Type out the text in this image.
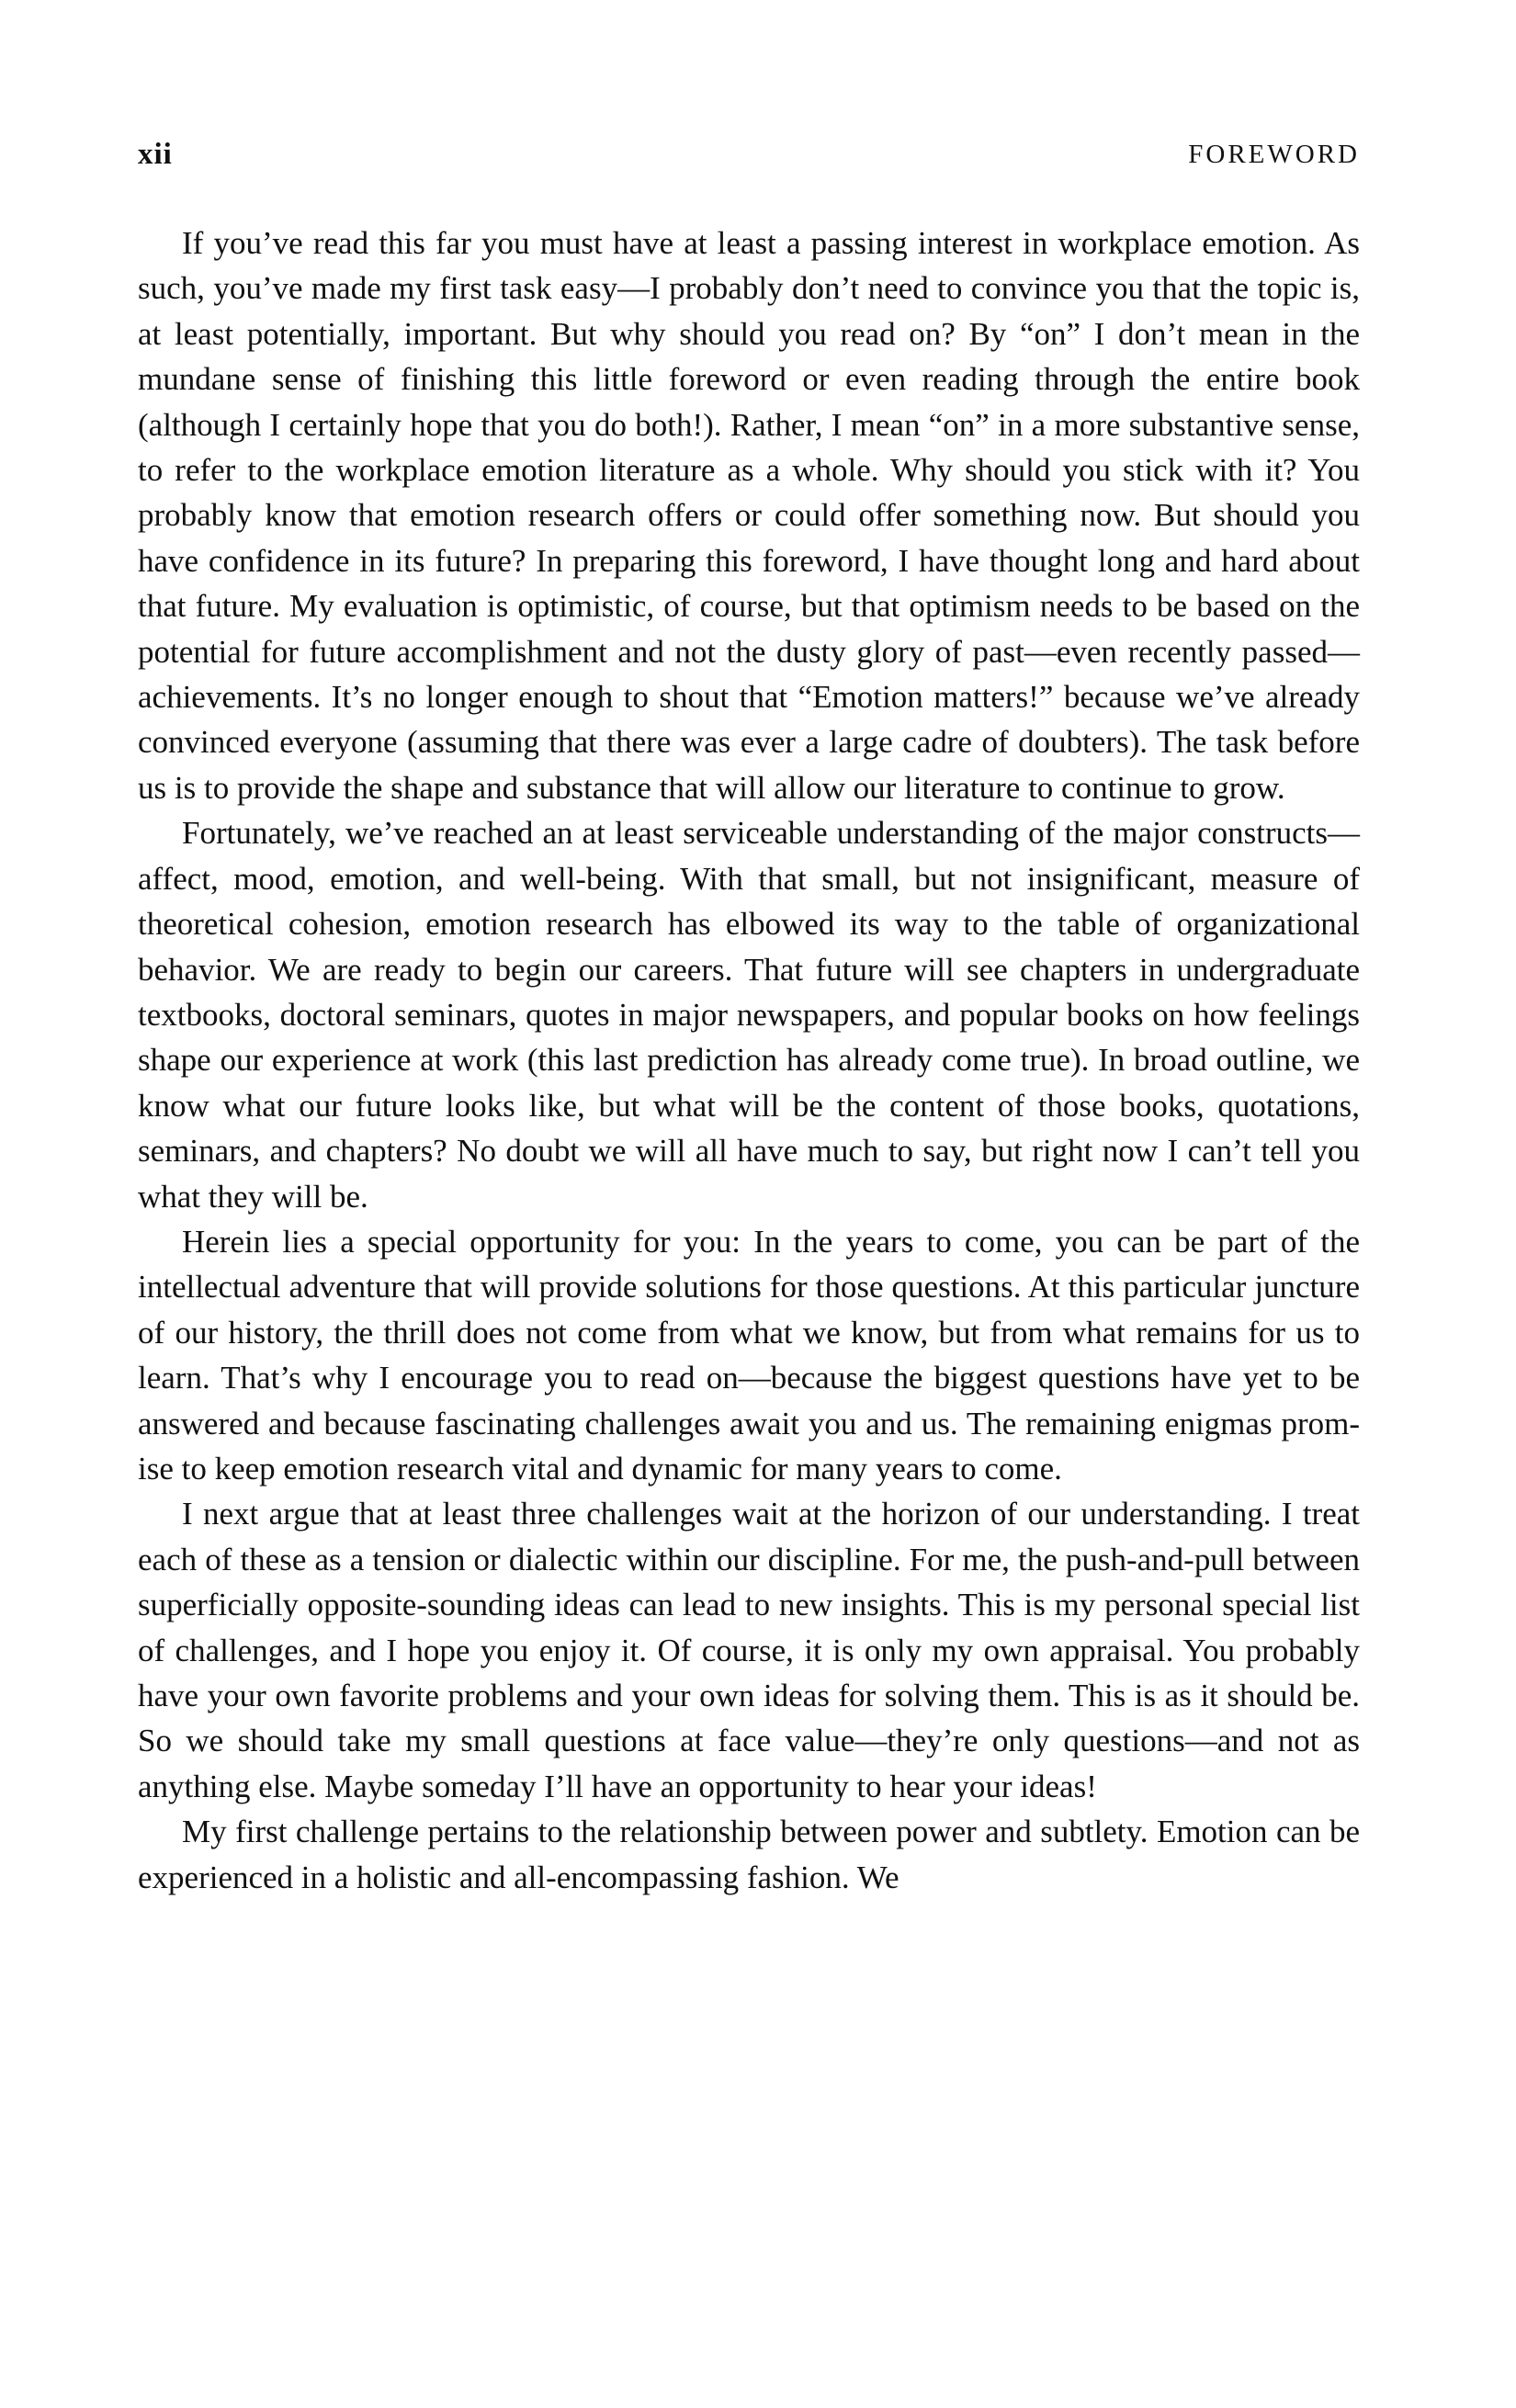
xii	FOREWORD

If you’ve read this far you must have at least a passing interest in workplace emotion. As such, you’ve made my first task easy—I probably don’t need to convince you that the topic is, at least potentially, important. But why should you read on? By “on” I don’t mean in the mundane sense of finishing this little foreword or even reading through the entire book (although I certainly hope that you do both!). Rather, I mean “on” in a more substantive sense, to refer to the workplace emotion literature as a whole. Why should you stick with it? You probably know that emotion research offers or could offer something now. But should you have confidence in its future? In preparing this foreword, I have thought long and hard about that future. My evaluation is optimistic, of course, but that optimism needs to be based on the potential for future accomplishment and not the dusty glory of past—even recently passed—achievements. It’s no longer enough to shout that “Emotion matters!” because we’ve already convinced everyone (assuming that there was ever a large cadre of doubters). The task before us is to provide the shape and substance that will allow our literature to continue to grow.

Fortunately, we’ve reached an at least serviceable understanding of the major constructs—affect, mood, emotion, and well-being. With that small, but not insignificant, measure of theoretical cohesion, emotion research has elbowed its way to the table of organizational behavior. We are ready to begin our careers. That future will see chapters in undergraduate textbooks, doctoral seminars, quotes in major newspapers, and popular books on how feelings shape our experience at work (this last prediction has already come true). In broad outline, we know what our future looks like, but what will be the content of those books, quotations, seminars, and chapters? No doubt we will all have much to say, but right now I can’t tell you what they will be.

Herein lies a special opportunity for you: In the years to come, you can be part of the intellectual adventure that will provide solutions for those questions. At this particular juncture of our history, the thrill does not come from what we know, but from what remains for us to learn. That’s why I encourage you to read on—because the biggest questions have yet to be answered and because fascinating challenges await you and us. The remaining enigmas promise to keep emotion research vital and dynamic for many years to come.

I next argue that at least three challenges wait at the horizon of our understanding. I treat each of these as a tension or dialectic within our discipline. For me, the push-and-pull between superficially opposite-sounding ideas can lead to new insights. This is my personal special list of challenges, and I hope you enjoy it. Of course, it is only my own appraisal. You probably have your own favorite problems and your own ideas for solving them. This is as it should be. So we should take my small questions at face value—they’re only questions—and not as anything else. Maybe someday I’ll have an opportunity to hear your ideas!

My first challenge pertains to the relationship between power and subtlety. Emotion can be experienced in a holistic and all-encompassing fashion. We
